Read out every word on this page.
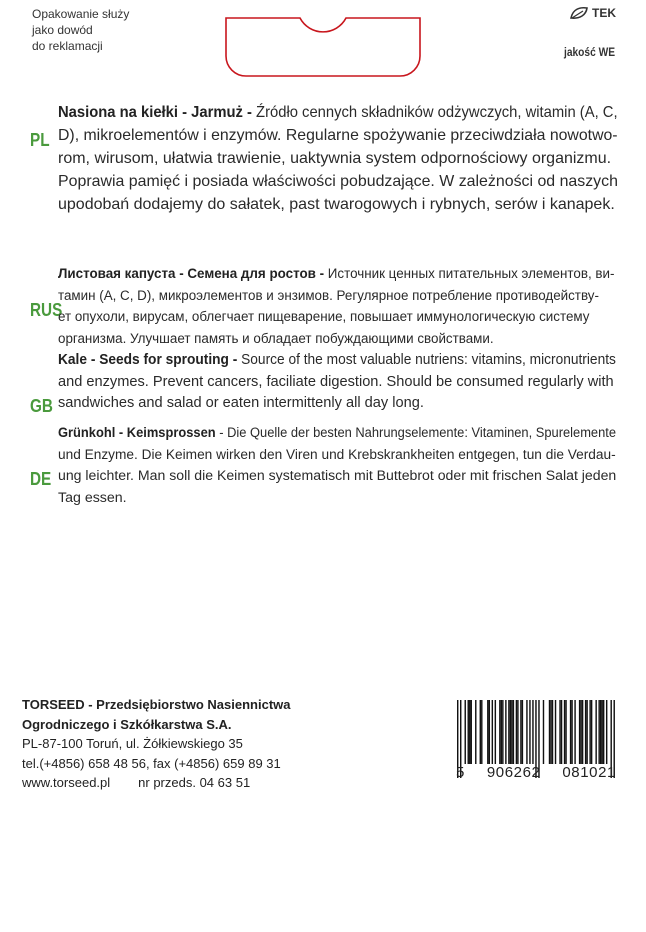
Opakowanie służy
jako dowód
do reklamacji
TEK
jakość WE
PL
RUS
GB
DE
Nasiona na kiełki - Jarmuż - Źródło cennych składników odżywczych, witamin (A, C,
D), mikroelementów i enzymów. Regularne spożywanie przeciwdziała nowotwo-
rom, wirusom, ułatwia trawienie, uaktywnia system odpornościowy organizmu.
Poprawia pamięć i posiada właściwości pobudzające. W zależności od naszych
upodobań dodajemy do sałatek, past twarogowych i rybnych, serów i kanapek.
Листовая капуста - Семена для ростов - Источник ценных питательных элементов, ви-
тамин (A, C, D), микроэлементов и энзимов. Регулярное потребление противодейству-
ет опухоли, вирусам, облегчает пищеварение, повышает иммунологическую систему
организма. Улучшает память и обладает побуждающими свойствами.
Kale - Seeds for sprouting - Source of the most valuable nutriens: vitamins, micronutrients
and enzymes. Prevent cancers, faciliate digestion. Should be consumed regularly with
sandwiches and salad or eaten intermittenly all day long.
Grünkohl - Keimsprossen - Die Quelle der besten Nahrungselemente: Vitaminen, Spurelemente
und Enzyme. Die Keimen wirken den Viren und Krebskrankheiten entgegen, tun die Verdau-
ung leichter. Man soll die Keimen systematisch mit Buttebrot oder mit frischen Salat jeden
Tag essen.
TORSEED - Przedsiębiorstwo Nasiennictwa
Ogrodniczego i Szkółkarstwa S.A.
PL-87-100 Toruń, ul. Żółkiewskiego 35
tel.(+4856) 658 48 56, fax (+4856) 659 89 31
www.torseed.pl nr przeds. 04 63 51
5 906262 081021
